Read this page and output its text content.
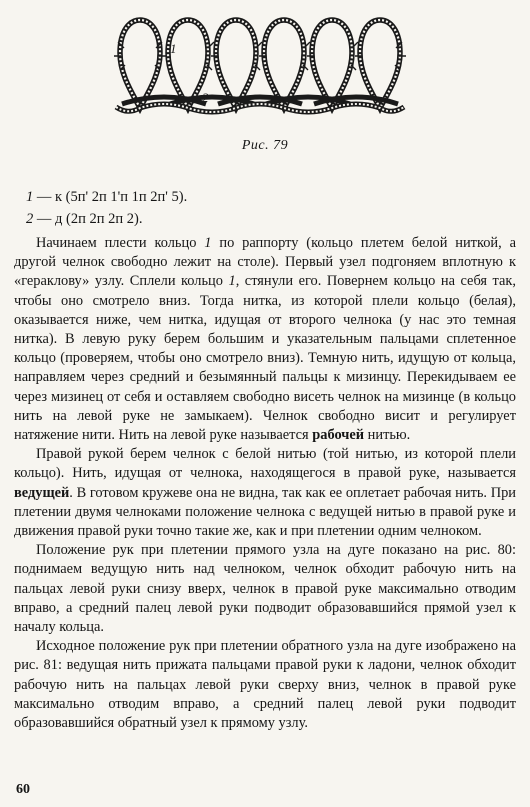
1
2
Рис. 79
1 — к (5п' 2п 1'п 1п 2п' 5).
2 — д (2п 2п 2п 2).

Начинаем плести кольцо 1 по раппорту (кольцо плетем белой ниткой, а другой челнок свободно лежит на столе). Первый узел подгоняем вплотную к «гераклову» узлу. Сплели кольцо 1, стянули его. Повернем кольцо на себя так, чтобы оно смотрело вниз. Тогда нитка, из которой плели кольцо (белая), оказывается ниже, чем нитка, идущая от второго челнока (у нас это темная нитка). В левую руку берем большим и указательным пальцами сплетенное кольцо (проверяем, чтобы оно смотрело вниз). Темную нить, идущую от кольца, направляем через средний и безымянный пальцы к мизинцу. Перекидываем ее через мизинец от себя и оставляем свободно висеть челнок на мизинце (в кольцо нить на левой руке не замыкаем). Челнок свободно висит и регулирует натяжение нити. Нить на левой руке называется рабочей нитью.

Правой рукой берем челнок с белой нитью (той нитью, из которой плели кольцо). Нить, идущая от челнока, находящегося в правой руке, называется ведущей. В готовом кружеве она не видна, так как ее оплетает рабочая нить. При плетении двумя челноками положение челнока с ведущей нитью в правой руке и движения правой руки точно такие же, как и при плетении одним челноком.

Положение рук при плетении прямого узла на дуге показано на рис. 80: поднимаем ведущую нить над челноком, челнок обходит рабочую нить на пальцах левой руки снизу вверх, челнок в правой руке максимально отводим вправо, а средний палец левой руки подводит образовавшийся прямой узел к началу кольца.

Исходное положение рук при плетении обратного узла на дуге изображено на рис. 81: ведущая нить прижата пальцами правой руки к ладони, челнок обходит рабочую нить на пальцах левой руки сверху вниз, челнок в правой руке максимально отводим вправо, а средний палец левой руки подводит образовавшийся обратный узел к прямому узлу.

60
